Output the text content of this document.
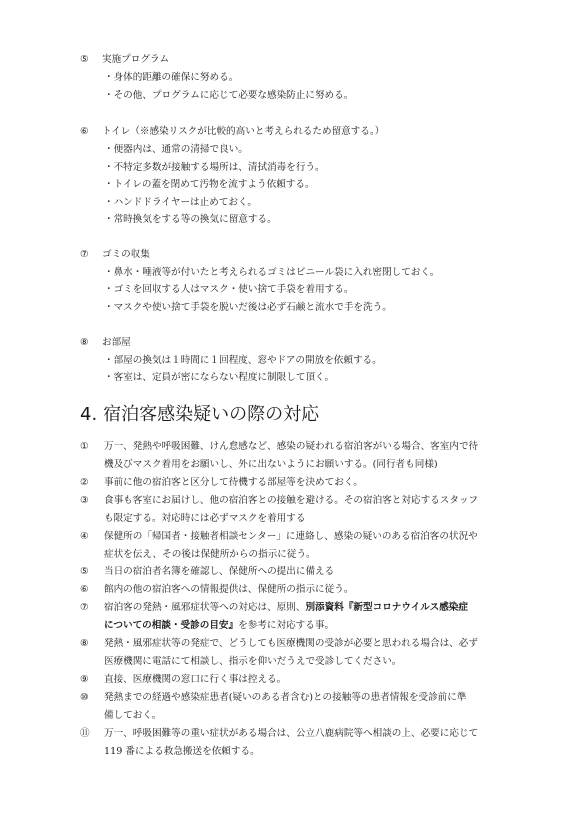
⑤ 実施プログラム
・身体的距離の確保に努める。
・その他、プログラムに応じて必要な感染防止に努める。
⑥ トイレ（※感染リスクが比較的高いと考えられるため留意する。）
・便器内は、通常の清掃で良い。
・不特定多数が接触する場所は、清拭消毒を行う。
・トイレの蓋を閉めて汚物を流すよう依頼する。
・ハンドドライヤーは止めておく。
・常時換気をする等の換気に留意する。
⑦ ゴミの収集
・鼻水・唾液等が付いたと考えられるゴミはビニール袋に入れ密閉しておく。
・ゴミを回収する人はマスク・使い捨て手袋を着用する。
・マスクや使い捨て手袋を脱いだ後は必ず石鹸と流水で手を洗う。
⑧ お部屋
・部屋の換気は１時間に１回程度、窓やドアの開放を依頼する。
・客室は、定員が密にならない程度に制限して頂く。
4. 宿泊客感染疑いの際の対応
①	万一、発熱や呼吸困難、けん怠感など、感染の疑われる宿泊客がいる場合、客室内で待
機及びマスク着用をお願いし、外に出ないようにお願いする。(同行者も同様)
②	事前に他の宿泊客と区分して待機する部屋等を決めておく。
③	食事も客室にお届けし、他の宿泊客との接触を避ける。その宿泊客と対応するスタッフ
も限定する。対応時には必ずマスクを着用する
④	保健所の「帰国者・接触者相談センター」に連絡し、感染の疑いのある宿泊客の状況や
症状を伝え、その後は保健所からの指示に従う。
⑤	当日の宿泊者名簿を確認し、保健所への提出に備える
⑥	館内の他の宿泊客への情報提供は、保健所の指示に従う。
⑦	宿泊客の発熱・風邪症状等への対応は、原則、別添資料『新型コロナウイルス感染症
についての相談・受診の目安』を参考に対応する事。
⑧	発熱・風邪症状等の発症で、どうしても医療機関の受診が必要と思われる場合は、必ず
医療機関に電話にて相談し、指示を仰いだうえで受診してください。
⑨	直接、医療機関の窓口に行く事は控える。
⑩	発熱までの経過や感染症患者(疑いのある者含む)との接触等の患者情報を受診前に準
備しておく。
⑪	万一、呼吸困難等の重い症状がある場合は、公立八鹿病院等へ相談の上、必要に応じて
119 番による救急搬送を依頼する。
